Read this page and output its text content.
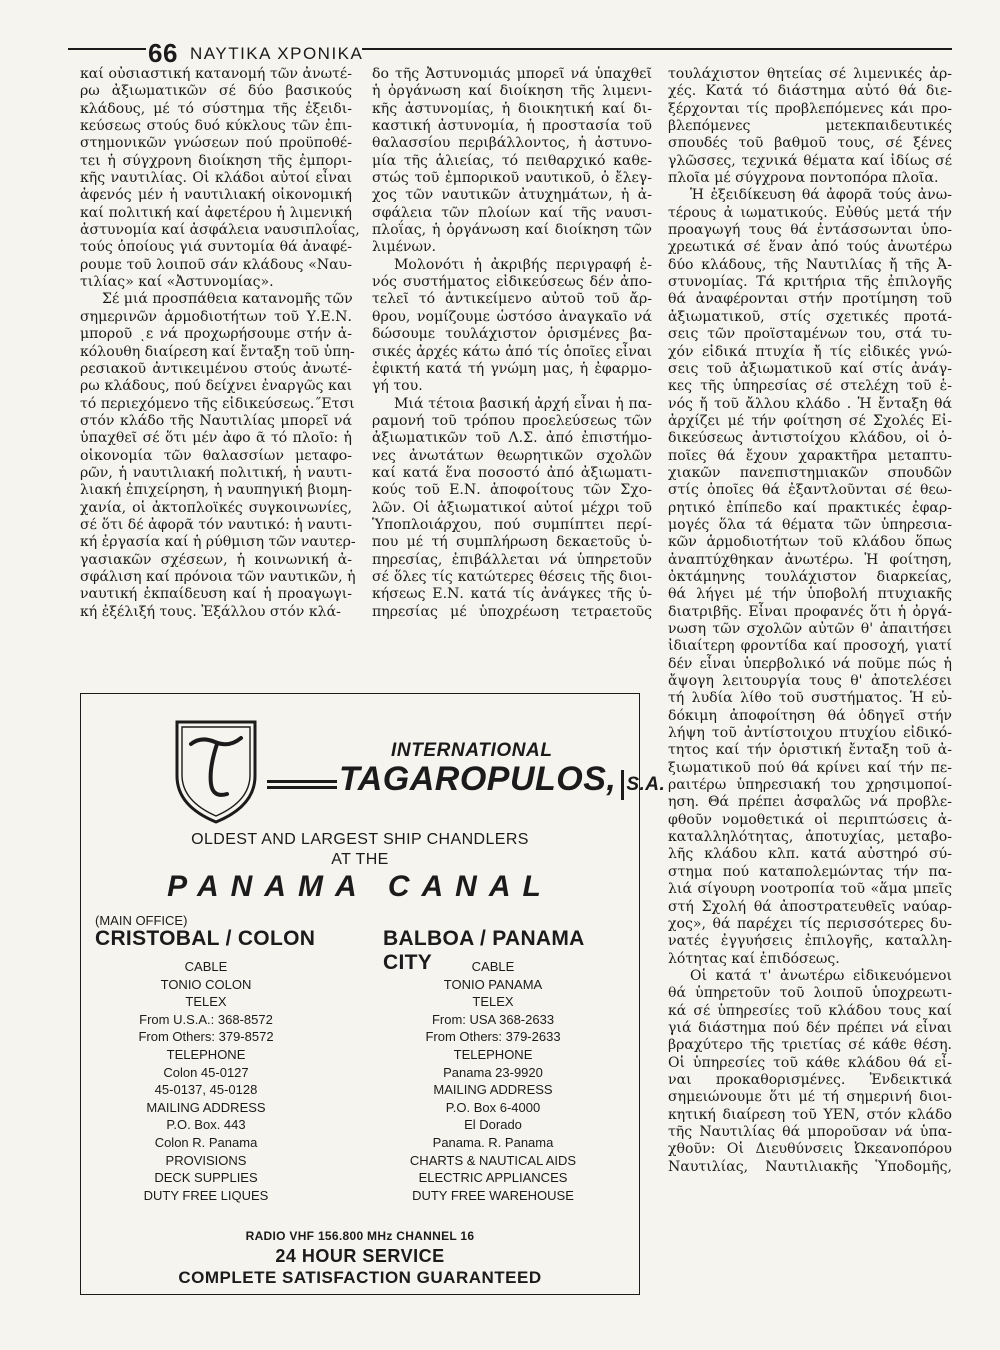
66 ΝΑΥΤΙΚΑ ΧΡΟΝΙΚΑ
καί οὐσιαστική κατανομή τῶν ἀνωτέ-
ρω ἀξιωματικῶν σέ δύο βασικούς
κλάδους, μέ τό σύστημα τῆς ἐξειδι-
κεύσεως στούς δυό κύκλους τῶν ἐπι-
στημονικῶν γνώσεων πού προϋποθέ-
τει ἡ σύγχρονη διοίκηση τῆς ἐμπορι-
κῆς ναυτιλίας. Οἱ κλάδοι αὐτοί εἶναι
ἀφενός μέν ἡ ναυτιλιακή οἰκονομική
καί πολιτική καί ἀφετέρου ἡ λιμενική
ἀστυνομία καί ἀσφάλεια ναυσιπλοΐας,
τούς ὁποίους γιά συντομία θά ἀναφέ-
ρουμε τοῦ λοιποῦ σάν κλάδους «Ναυ-
τιλίας» καί «Ἀστυνομίας».
Σέ μιά προσπάθεια κατανομῆς τῶν
σημερινῶν ἁρμοδιοτήτων τοῦ Υ.Ε.Ν.
μποροῦ ͺε νά προχωρήσουμε στήν ἀ-
κόλουθη διαίρεση καί ἔνταξη τοῦ ὑπη-
ρεσιακοῦ ἀντικειμένου στούς ἀνωτέ-
ρω κλάδους, πού δείχνει ἐναργῶς και
τό περιεχόμενο τῆς εἰδικεύσεως.˝Ετσι
στόν κλάδο τῆς Ναυτιλίας μπορεῖ νά
ὑπαχθεῖ σέ ὅτι μέν ἀφο ᾶ τό πλοῖο: ἡ
οἰκονομία τῶν θαλασσίων μεταφο-
ρῶν, ἡ ναυτιλιακή πολιτική, ἡ ναυτι-
λιακή ἐπιχείρηση, ἡ ναυπηγική βιομη-
χανία, οἱ ἀκτοπλοϊκές συγκοινωνίες,
σέ ὅτι δέ ἀφορᾶ τόν ναυτικό: ἡ ναυτι-
κή ἐργασία καί ἡ ρύθμιση τῶν ναυτερ-
γασιακῶν σχέσεων, ἡ κοινωνική ἀ-
σφάλιση καί πρόνοια τῶν ναυτικῶν, ἡ
ναυτική ἐκπαίδευση καί ἡ προαγωγι-
κή ἐξέλιξή τους. Ἐξάλλου στόν κλά-
δο τῆς Ἀστυνομιάς μπορεῖ νά ὑπαχθεῖ
ἡ ὀργάνωση καί διοίκηση τῆς λιμενι-
κῆς ἀστυνομίας, ἡ διοικητική καί δι-
καστική ἀστυνομία, ἡ προστασία τοῦ
θαλασσίου περιβάλλοντος, ἡ ἀστυνο-
μία τῆς ἁλιείας, τό πειθαρχικό καθε-
στώς τοῦ ἐμπορικοῦ ναυτικοῦ, ὁ ἔλεγ-
χος τῶν ναυτικῶν ἀτυχημάτων, ἡ ἀ-
σφάλεια τῶν πλοίων καί τῆς ναυσι-
πλοΐας, ἡ ὀργάνωση καί διοίκηση τῶν
λιμένων.
Μολονότι ἡ ἀκριβής περιγραφή ἑ-
νός συστήματος εἰδικεύσεως δέν ἀπο-
τελεῖ τό ἀντικείμενο αὐτοῦ τοῦ ἄρ-
θρου, νομίζουμε ὡστόσο ἀναγκαῖο νά
δώσουμε τουλάχιστον ὁρισμένες βα-
σικές ἀρχές κάτω ἀπό τίς ὁποῖες εἶναι
ἐφικτή κατά τή γνώμη μας, ἡ ἐφαρμο-
γή του.
Μιά τέτοια βασική ἀρχή εἶναι ἡ πα-
ραμονή τοῦ τρόπου προελεύσεως τῶν
ἀξιωματικῶν τοῦ Λ.Σ. ἀπό ἐπιστήμο-
νες ἀνωτάτων θεωρητικῶν σχολῶν
καί κατά ἕνα ποσοστό ἀπό ἀξιωματι-
κούς τοῦ Ε.Ν. ἀποφοίτους τῶν Σχο-
λῶν. Οἱ ἀξιωματικοί αὐτοί μέχρι τοῦ
Ὑποπλοιάρχου, πού συμπίπτει περί-
που μέ τή συμπλήρωση δεκαετοῦς ὑ-
πηρεσίας, ἐπιβάλλεται νά ὑπηρετοῦν
σέ ὅλες τίς κατώτερες θέσεις τῆς διοι-
κήσεως Ε.Ν. κατά τίς ἀνάγκες τῆς ὑ-
πηρεσίας μέ ὑποχρέωση τετραετοῦς
τουλάχιστον θητείας σέ λιμενικές ἀρ-
χές. Κατά τό διάστημα αὐτό θά διε-
ξέρχονται τίς προβλεπόμενες κάι προ-
βλεπόμενες μετεκπαιδευτικές
σπουδές τοῦ βαθμοῦ τους, σέ ξένες
γλῶσσες, τεχνικά θέματα καί ἰδίως σέ
πλοῖα μέ σύγχρονα ποντοπόρα πλοῖα.
Ἡ ἐξειδίκευση θά ἀφορᾶ τούς ἀνω-
τέρους ἀ ιωματικούς. Εὐθύς μετά τήν
προαγωγή τους θά ἐντάσσωνται ὑπο-
χρεωτικά σέ ἕναν ἀπό τούς ἀνωτέρω
δύο κλάδους, τῆς Ναυτιλίας ἤ τῆς Ἀ-
στυνομίας. Τά κριτήρια τῆς ἐπιλογῆς
θά ἀναφέρονται στήν προτίμηση τοῦ
ἀξιωματικοῦ, στίς σχετικές προτά-
σεις τῶν προϊσταμένων του, στά τυ-
χόν εἰδικά πτυχία ἤ τίς εἰδικές γνώ-
σεις τοῦ ἀξιωματικοῦ καί στίς ἀνάγ-
κες τῆς ὑπηρεσίας σέ στελέχη τοῦ ἑ-
νός ἤ τοῦ ἄλλου κλάδο . Ἡ ἔνταξη θά
ἀρχίζει μέ τήν φοίτηση σέ Σχολές Εἰ-
δικεύσεως ἀντιστοίχου κλάδου, οἱ ὁ-
ποῖες θά ἔχουν χαρακτῆρα μεταπτυ-
χιακῶν πανεπιστημιακῶν σπουδῶν
στίς ὁποῖες θά ἐξαντλοῦνται σέ θεω-
ρητικό ἐπίπεδο καί πρακτικές ἐφαρ-
μογές ὅλα τά θέματα τῶν ὑπηρεσια-
κῶν ἁρμοδιοτήτων τοῦ κλάδου ὅπως
ἀναπτύχθηκαν ἀνωτέρω. Ἡ φοίτηση,
ὀκτάμηνης τουλάχιστον διαρκείας,
θά λήγει μέ τήν ὑποβολή πτυχιακῆς
διατριβῆς. Εἶναι προφανές ὅτι ἡ ὀργά-
νωση τῶν σχολῶν αὐτῶν θ' ἀπαιτήσει
ἰδιαίτερη φροντίδα καί προσοχή, γιατί
δέν εἶναι ὑπερβολικό νά ποῦμε πώς ἡ
ἄψογη λειτουργία τους θ' ἀποτελέσει
τή λυδία λίθο τοῦ συστήματος. Ἡ εὐ-
δόκιμη ἀποφοίτηση θά ὁδηγεῖ στήν
λήψη τοῦ ἀντίστοιχου πτυχίου εἰδικό-
τητος καί τήν ὁριστική ἔνταξη τοῦ ἀ-
ξιωματικοῦ πού θά κρίνει καί τήν πε-
ραιτέρω ὑπηρεσιακή του χρησιμοποί-
ηση. Θά πρέπει ἀσφαλῶς νά προβλε-
φθοῦν νομοθετικά οἱ περιπτώσεις ἀ-
καταλληλότητας, ἀποτυχίας, μεταβο-
λῆς κλάδου κλπ. κατά αὐστηρό σύ-
στημα πού καταπολεμώντας τήν πα-
λιά σίγουρη νοοτροπία τοῦ «ἅμα μπεῖς
στή Σχολή θά ἀποστρατευθεῖς ναύαρ-
χος», θά παρέχει τίς περισσότερες δυ-
νατές ἐγγυήσεις ἐπιλογῆς, καταλλη-
λότητας καί ἐπιδόσεως.
Οἱ κατά τ' ἀνωτέρω εἰδικευόμενοι
θά ὑπηρετοῦν τοῦ λοιποῦ ὑποχρεωτι-
κά σέ ὑπηρεσίες τοῦ κλάδου τους καί
γιά διάστημα πού δέν πρέπει νά εἶναι
βραχύτερο τῆς τριετίας σέ κάθε θέση.
Οἱ ὑπηρεσίες τοῦ κάθε κλάδου θά εἶ-
ναι προκαθορισμένες. Ἐνδεικτικά
σημειώνουμε ὅτι μέ τή σημερινή διοι-
κητική διαίρεση τοῦ ΥΕΝ, στόν κλάδο
τῆς Ναυτιλίας θά μποροῦσαν νά ὑπα-
χθοῦν: Οἱ Διευθύνσεις Ὠκεανοπόρου
Ναυτιλίας, Ναυτιλιακῆς Ὑποδομῆς,
INTERNATIONAL
TAGAROPULOS, S.A.
OLDEST AND LARGEST SHIP CHANDLERS
AT THE
PANAMA CANAL
(MAIN OFFICE)
CRISTOBAL / COLON	BALBOA / PANAMA CITY
CABLE
TONIO COLON
TELEX
From U.S.A.: 368-8572
From Others: 379-8572
TELEPHONE
Colon 45-0127
45-0137, 45-0128
MAILING ADDRESS
P.O. Box. 443
Colon R. Panama
PROVISIONS
DECK SUPPLIES
DUTY FREE LIQUES
CABLE
TONIO PANAMA
TELEX
From: USA 368-2633
From Others: 379-2633
TELEPHONE
Panama 23-9920
MAILING ADDRESS
P.O. Box 6-4000
El Dorado
Panama. R. Panama
CHARTS & NAUTICAL AIDS
ELECTRIC APPLIANCES
DUTY FREE WAREHOUSE
RADIO VHF 156.800 MHz CHANNEL 16
24 HOUR SERVICE
COMPLETE SATISFACTION GUARANTEED
